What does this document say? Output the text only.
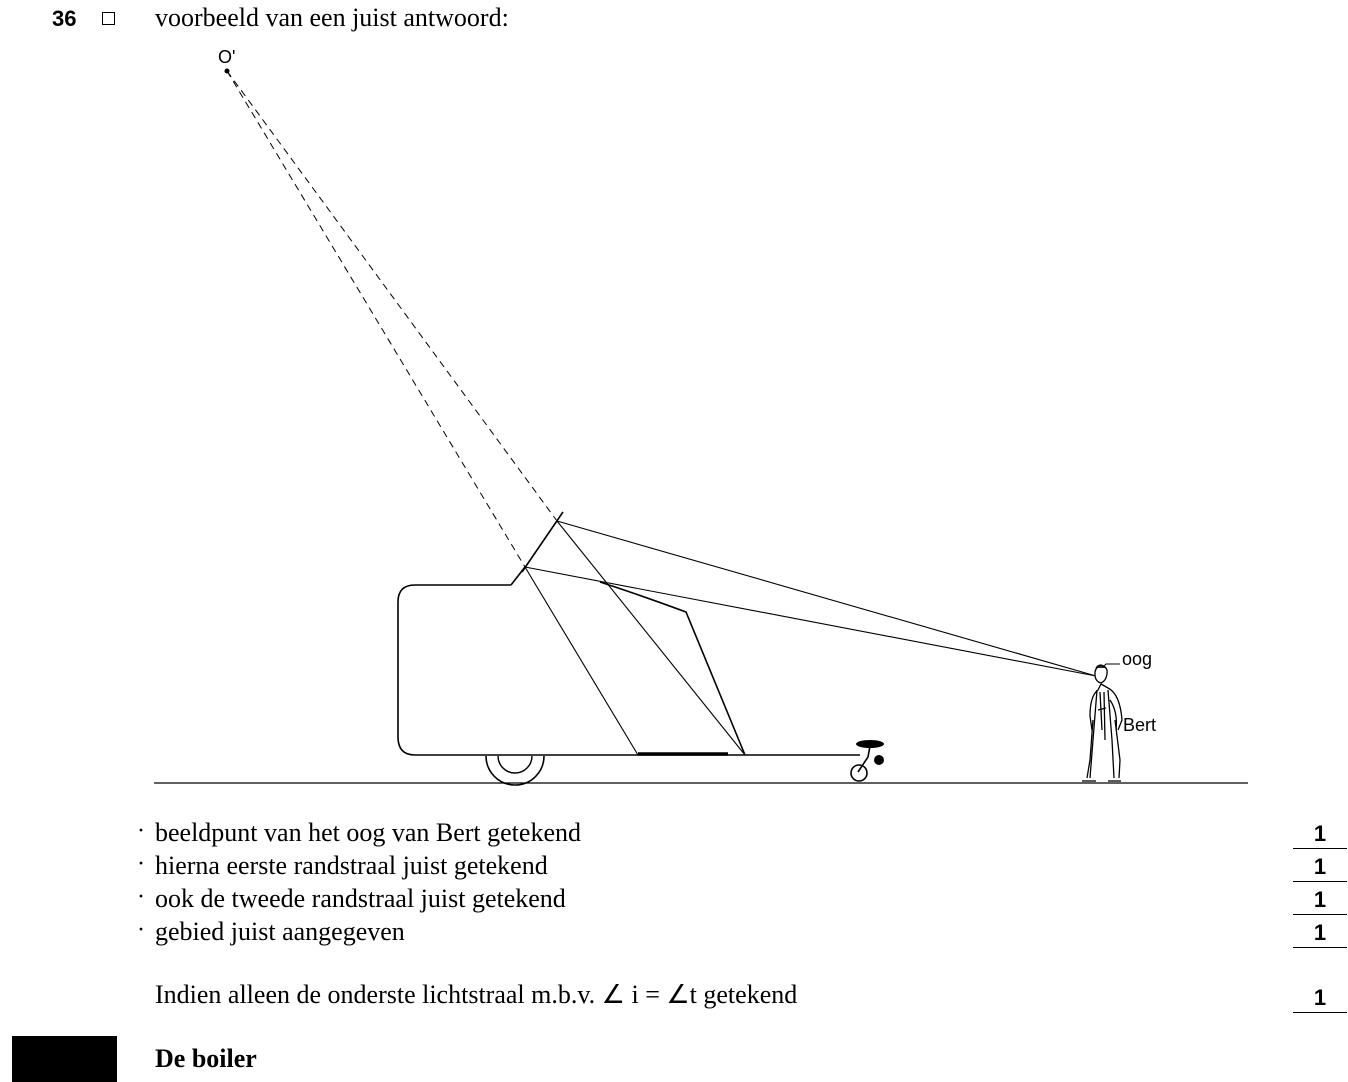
36	voorbeeld van een juist antwoord:
O'
oog
Bert
· beeldpunt van het oog van Bert getekend	1
· hierna eerste randstraal juist getekend	1
· ook de tweede randstraal juist getekend	1
· gebied juist aangegeven	1
Indien alleen de onderste lichtstraal m.b.v. ∠ i = ∠t getekend	1
De boiler
